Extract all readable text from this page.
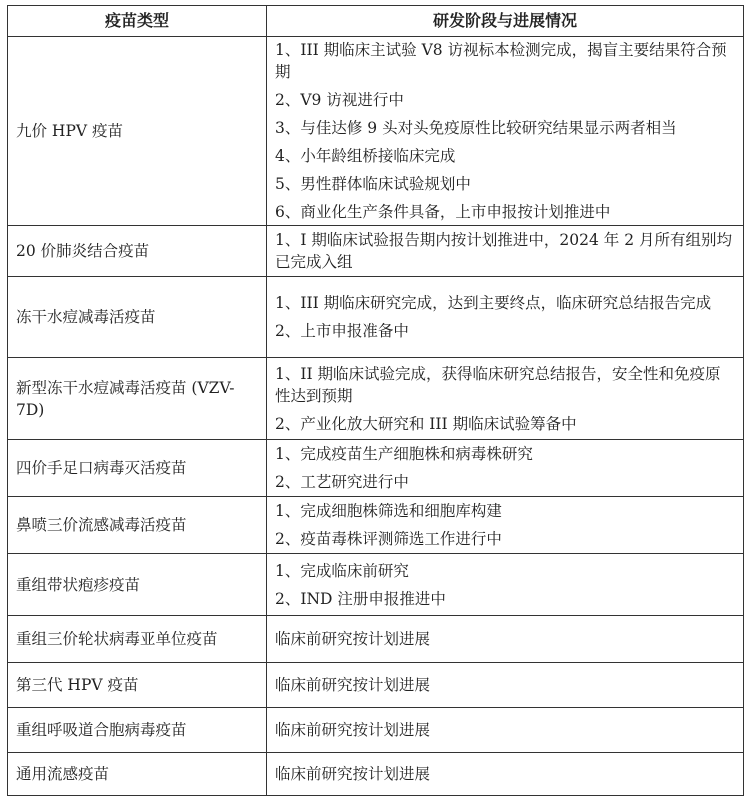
疫苗类型	研发阶段与进展情况
九价 HPV 疫苗	
1、III 期临床主试验 V8 访视标本检测完成，揭盲主要结果符合预期
2、V9 访视进行中
3、与佳达修 9 头对头免疫原性比较研究结果显示两者相当
4、小年龄组桥接临床完成
5、男性群体临床试验规划中
6、商业化生产条件具备，上市申报按计划推进中

20 价肺炎结合疫苗	1、I 期临床试验报告期内按计划推进中，2024 年 2 月所有组别均已完成入组

冻干水痘减毒活疫苗	1、III 期临床研究完成，达到主要终点，临床研究总结报告完成
2、上市申报准备中

新型冻干水痘减毒活疫苗 (VZV-7D)	1、II 期临床试验完成，获得临床研究总结报告，安全性和免疫原性达到预期
2、产业化放大研究和 III 期临床试验筹备中

四价手足口病毒灭活疫苗	1、完成疫苗生产细胞株和病毒株研究
2、工艺研究进行中

鼻喷三价流感减毒活疫苗	1、完成细胞株筛选和细胞库构建
2、疫苗毒株评测筛选工作进行中

重组带状疱疹疫苗	1、完成临床前研究
2、IND 注册申报推进中

重组三价轮状病毒亚单位疫苗	临床前研究按计划进展

第三代 HPV 疫苗	临床前研究按计划进展

重组呼吸道合胞病毒疫苗	临床前研究按计划进展

通用流感疫苗	临床前研究按计划进展
